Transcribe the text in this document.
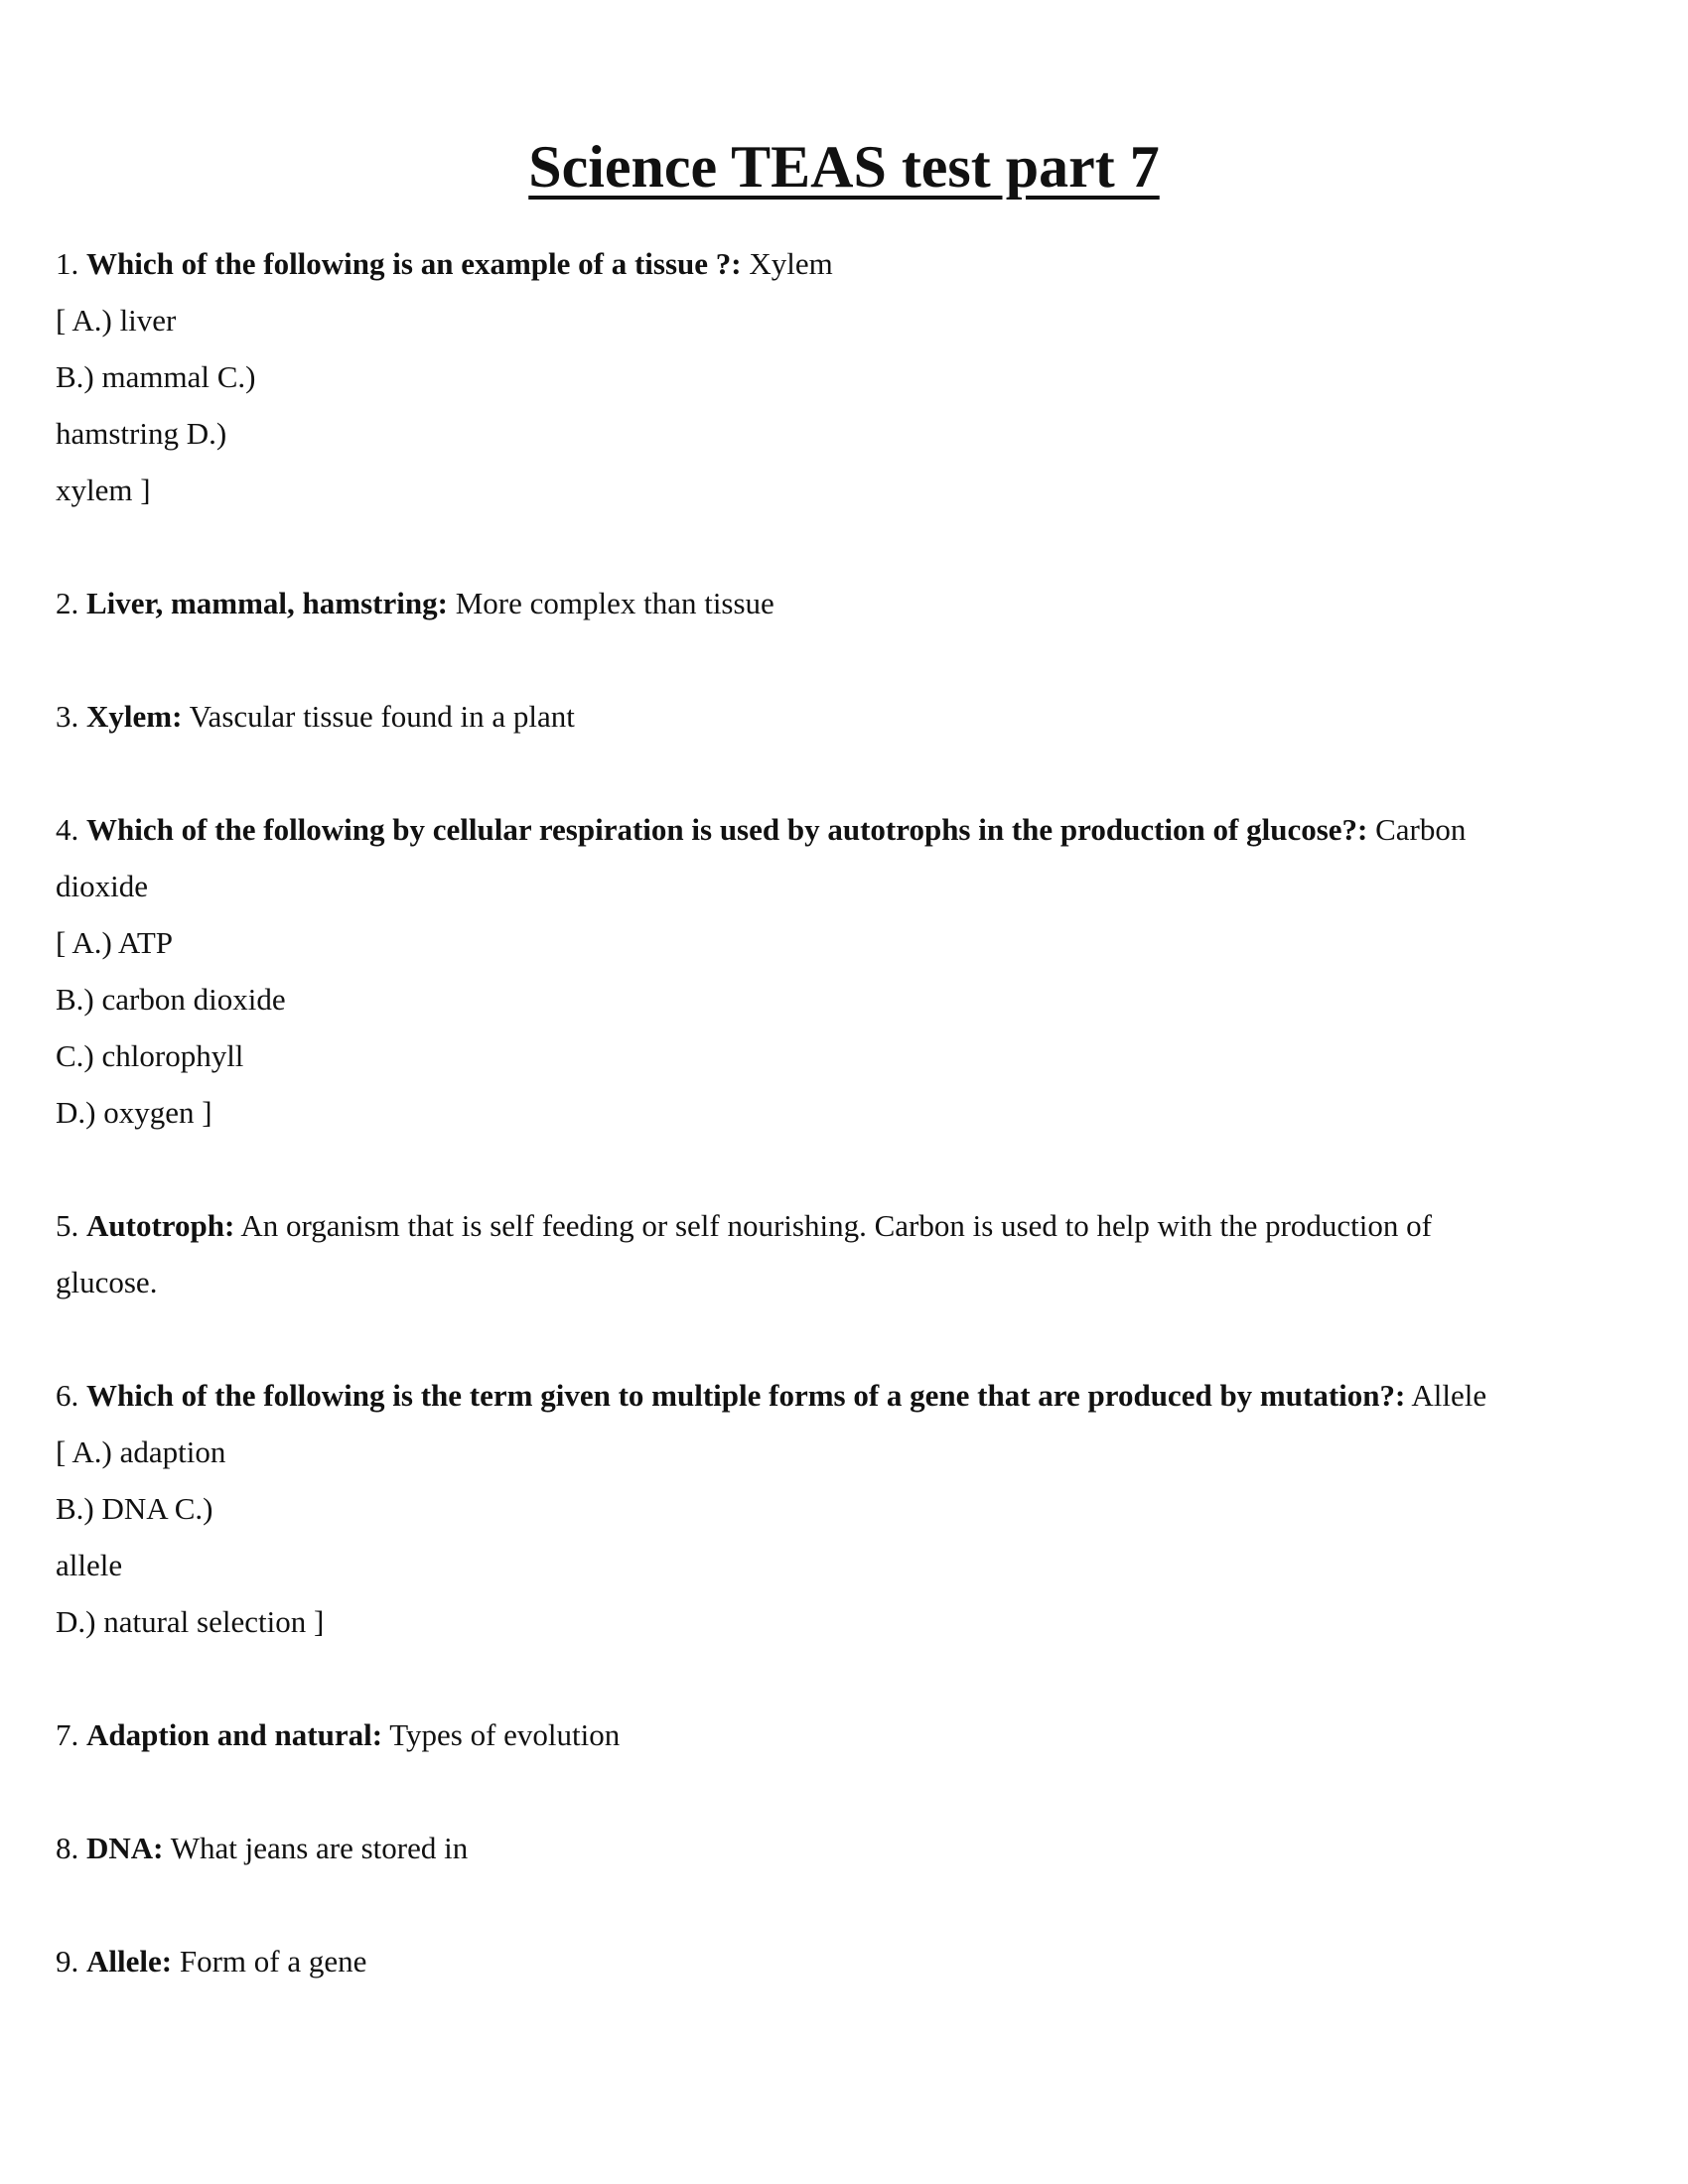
Science TEAS test part 7
1. Which of the following is an example of a tissue ?: Xylem
[ A.) liver
B.) mammal C.)
hamstring D.)
xylem ]
2. Liver, mammal, hamstring: More complex than tissue
3. Xylem: Vascular tissue found in a plant
4. Which of the following by cellular respiration is used by autotrophs in the production of glucose?: Carbon
dioxide
[ A.) ATP
B.) carbon dioxide
C.) chlorophyll
D.) oxygen ]
5. Autotroph: An organism that is self feeding or self nourishing. Carbon is used to help with the production of
glucose.
6. Which of the following is the term given to multiple forms of a gene that are produced by mutation?: Allele
[ A.) adaption
B.) DNA C.)
allele
D.) natural selection ]
7. Adaption and natural: Types of evolution
8. DNA: What jeans are stored in
9. Allele: Form of a gene
